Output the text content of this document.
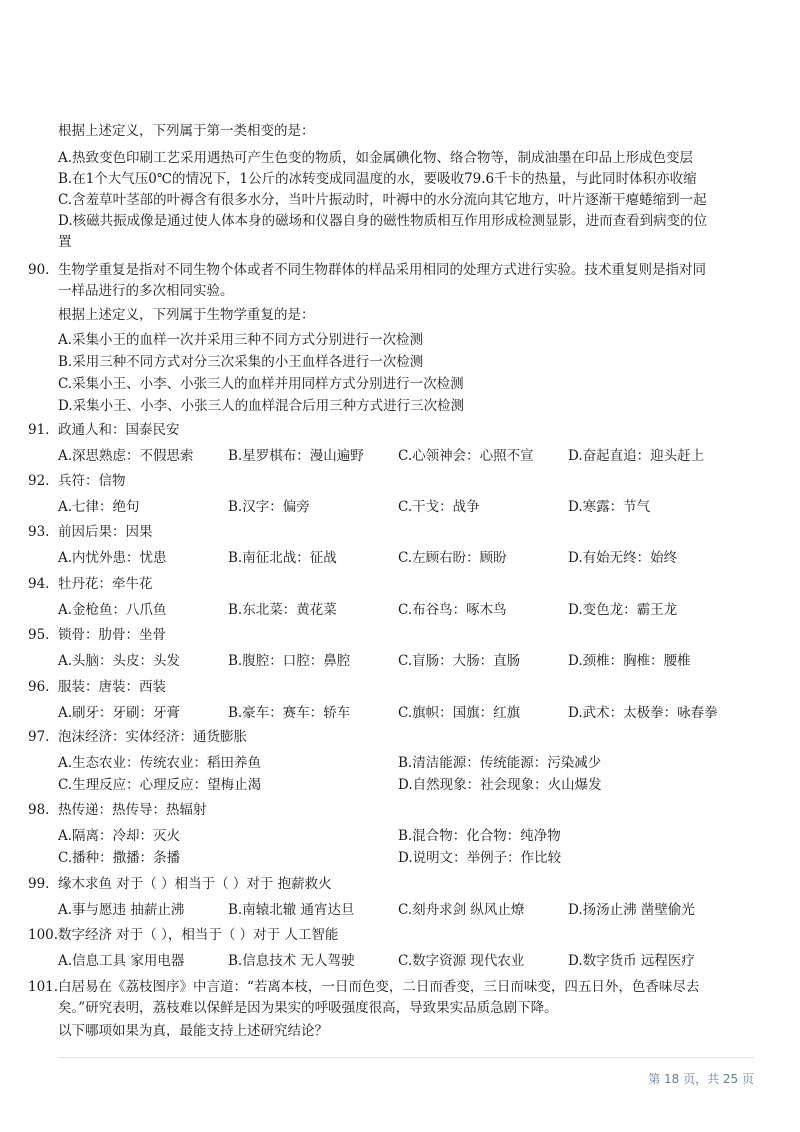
根据上述定义，下列属于第一类相变的是：
A.热致变色印刷工艺采用遇热可产生色变的物质，如金属碘化物、络合物等，制成油墨在印品上形成色变层
B.在1个大气压0℃的情况下，1公斤的冰转变成同温度的水，要吸收79.6千卡的热量，与此同时体积亦收缩
C.含羞草叶茎部的叶褥含有很多水分，当叶片振动时，叶褥中的水分流向其它地方，叶片逐渐干瘪蜷缩到一起
D.核磁共振成像是通过使人体本身的磁场和仪器自身的磁性物质相互作用形成检测显影，进而查看到病变的位
置
90. 生物学重复是指对不同生物个体或者不同生物群体的样品采用相同的处理方式进行实验。技术重复则是指对同
一样品进行的多次相同实验。
根据上述定义，下列属于生物学重复的是：
A.采集小王的血样一次并采用三种不同方式分别进行一次检测
B.采用三种不同方式对分三次采集的小王血样各进行一次检测
C.采集小王、小李、小张三人的血样并用同样方式分别进行一次检测
D.采集小王、小李、小张三人的血样混合后用三种方式进行三次检测
91. 政通人和：国泰民安
A.深思熟虑：不假思索	B.星罗棋布：漫山遍野	C.心领神会：心照不宣	D.奋起直追：迎头赶上
92. 兵符：信物
A.七律：绝句	B.汉字：偏旁	C.干戈：战争	D.寒露：节气
93. 前因后果：因果
A.内忧外患：忧患	B.南征北战：征战	C.左顾右盼：顾盼	D.有始无终：始终
94. 牡丹花：牵牛花
A.金枪鱼：八爪鱼	B.东北菜：黄花菜	C.布谷鸟：啄木鸟	D.变色龙：霸王龙
95. 锁骨：肋骨：坐骨
A.头脑：头皮：头发	B.腹腔：口腔：鼻腔	C.盲肠：大肠：直肠	D.颈椎：胸椎：腰椎
96. 服装：唐装：西装
A.刷牙：牙刷：牙膏	B.豪车：赛车：轿车	C.旗帜：国旗：红旗	D.武术：太极拳：咏春拳
97. 泡沫经济：实体经济：通货膨胀
A.生态农业：传统农业：稻田养鱼	B.清洁能源：传统能源：污染减少
C.生理反应：心理反应：望梅止渴	D.自然现象：社会现象：火山爆发
98. 热传递：热传导：热辐射
A.隔离：冷却：灭火	B.混合物：化合物：纯净物
C.播种：撒播：条播	D.说明文：举例子：作比较
99. 缘木求鱼 对于（ ）相当于（ ）对于 抱薪救火
A.事与愿违 抽薪止沸	B.南辕北辙 通宵达旦	C.刻舟求剑 纵风止燎	D.扬汤止沸 凿壁偷光
100. 数字经济 对于（ ），相当于（ ）对于 人工智能
A.信息工具 家用电器	B.信息技术 无人驾驶	C.数字资源 现代农业	D.数字货币 远程医疗
101. 白居易在《荔枝图序》中言道：“若离本枝，一日而色变，二日而香变，三日而味变，四五日外，色香味尽去
矣。”研究表明，荔枝难以保鲜是因为果实的呼吸强度很高，导致果实品质急剧下降。
以下哪项如果为真，最能支持上述研究结论？
第 18 页，共 25 页
